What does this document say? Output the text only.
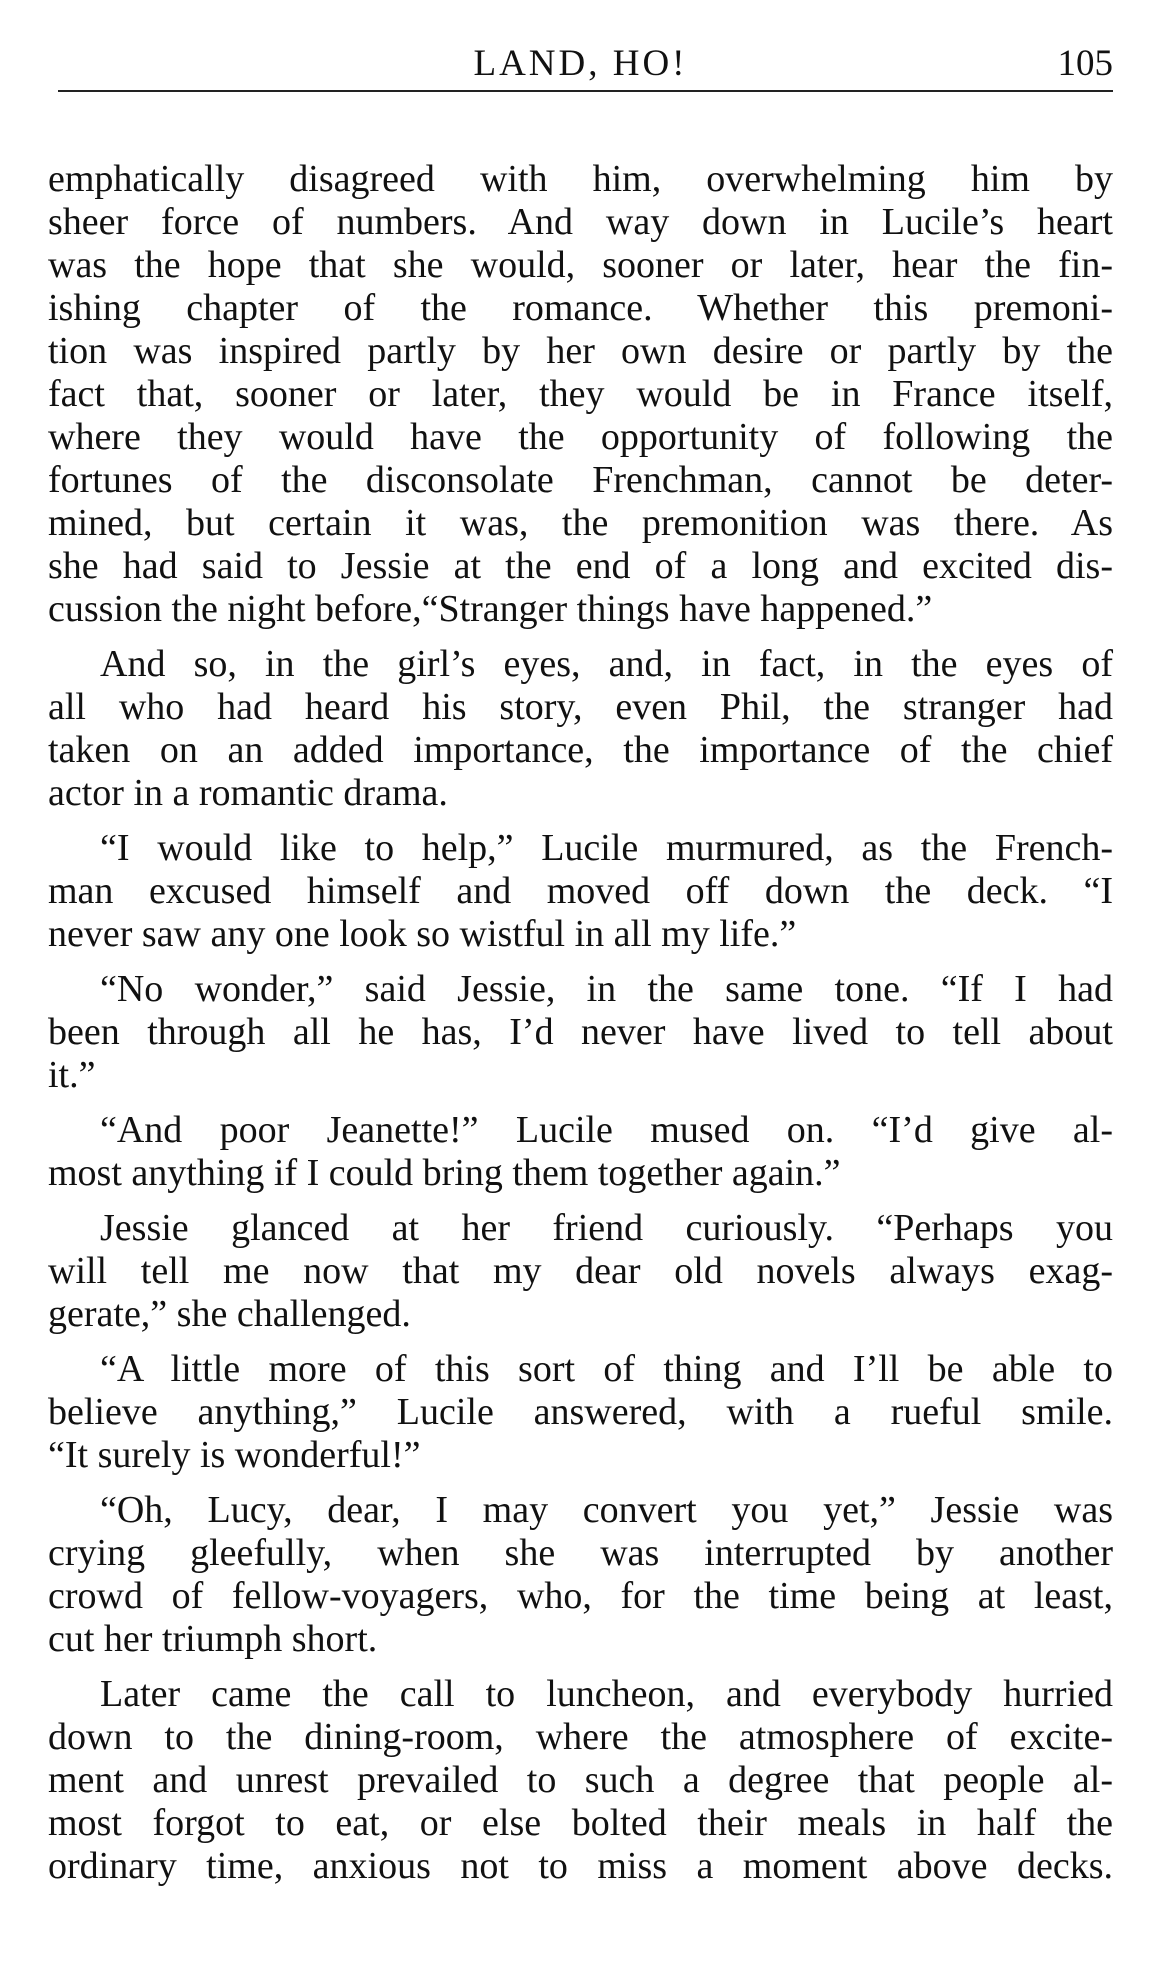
LAND, HO!	105
emphatically disagreed with him, overwhelming him by
sheer force of numbers. And way down in Lucile’s heart
was the hope that she would, sooner or later, hear the fin-
ishing chapter of the romance. Whether this premoni-
tion was inspired partly by her own desire or partly by the
fact that, sooner or later, they would be in France itself,
where they would have the opportunity of following the
fortunes of the disconsolate Frenchman, cannot be deter-
mined, but certain it was, the premonition was there. As
she had said to Jessie at the end of a long and excited dis-
cussion the night before,“Stranger things have happened.”
And so, in the girl’s eyes, and, in fact, in the eyes of
all who had heard his story, even Phil, the stranger had
taken on an added importance, the importance of the chief
actor in a romantic drama.
“I would like to help,” Lucile murmured, as the French-
man excused himself and moved off down the deck. “I
never saw any one look so wistful in all my life.”
“No wonder,” said Jessie, in the same tone. “If I had
been through all he has, I’d never have lived to tell about
it.”
“And poor Jeanette!” Lucile mused on. “I’d give al-
most anything if I could bring them together again.”
Jessie glanced at her friend curiously. “Perhaps you
will tell me now that my dear old novels always exag-
gerate,” she challenged.
“A little more of this sort of thing and I’ll be able to
believe anything,” Lucile answered, with a rueful smile.
“It surely is wonderful!”
“Oh, Lucy, dear, I may convert you yet,” Jessie was
crying gleefully, when she was interrupted by another
crowd of fellow-voyagers, who, for the time being at least,
cut her triumph short.
Later came the call to luncheon, and everybody hurried
down to the dining-room, where the atmosphere of excite-
ment and unrest prevailed to such a degree that people al-
most forgot to eat, or else bolted their meals in half the
ordinary time, anxious not to miss a moment above decks.
